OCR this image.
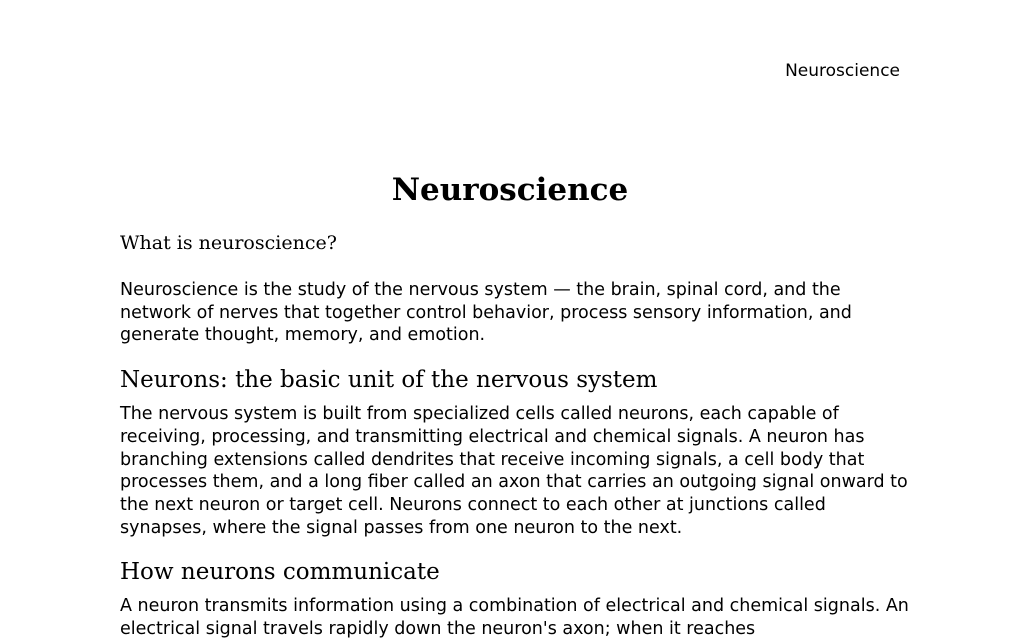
Neuroscience
Neuroscience

What is neuroscience?

Neuroscience is the study of the nervous system — the brain, spinal cord, and the network of nerves that together control behavior, process sensory information, and generate thought, memory, and emotion.

Neurons: the basic unit of the nervous system

The nervous system is built from specialized cells called neurons, each capable of receiving, processing, and transmitting electrical and chemical signals. A neuron has branching extensions called dendrites that receive incoming signals, a cell body that processes them, and a long fiber called an axon that carries an outgoing signal onward to the next neuron or target cell. Neurons connect to each other at junctions called synapses, where the signal passes from one neuron to the next.

How neurons communicate

A neuron transmits information using a combination of electrical and chemical signals. An electrical signal travels rapidly down the neuron's axon; when it reaches
